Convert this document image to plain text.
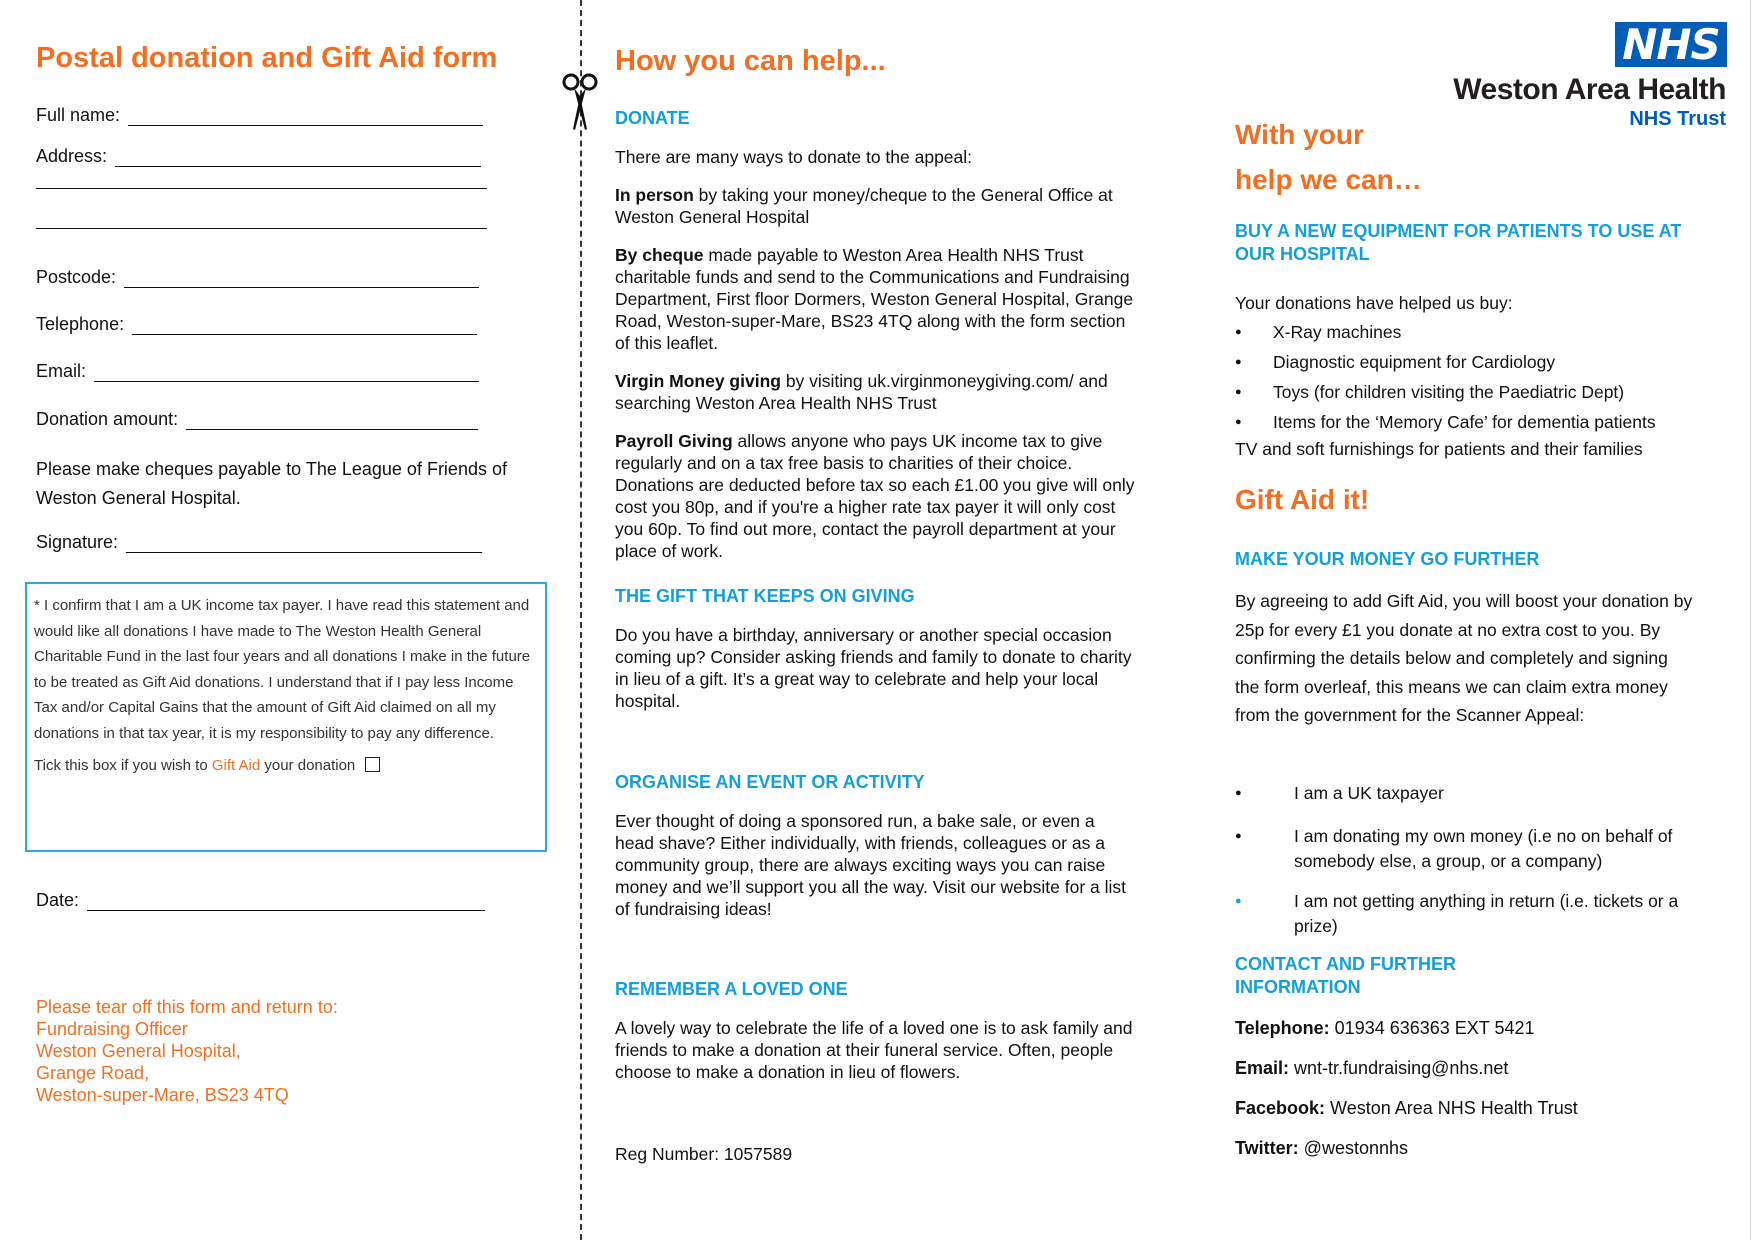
Postal donation and Gift Aid form
Full name:
Address:
Postcode:
Telephone:
Email:
Donation amount:
Please make cheques payable to The League of Friends of Weston General Hospital.
Signature:

* I confirm that I am a UK income tax payer. I have read this statement and would like all donations I have made to The Weston Health General Charitable Fund in the last four years and all donations I make in the future to be treated as Gift Aid donations. I understand that if I pay less Income Tax and/or Capital Gains that the amount of Gift Aid claimed on all my donations in that tax year, it is my responsibility to pay any difference.

Tick this box if you wish to Gift Aid your donation

Date:
Please tear off this form and return to:
Fundraising Officer
Weston General Hospital,
Grange Road,
Weston-super-Mare, BS23 4TQ
How you can help...
DONATE
There are many ways to donate to the appeal:
In person by taking your money/cheque to the General Office at Weston General Hospital
By cheque made payable to Weston Area Health NHS Trust charitable funds and send to the Communications and Fundraising Department, First floor Dormers, Weston General Hospital, Grange Road, Weston-super-Mare, BS23 4TQ along with the form section of this leaflet.
Virgin Money giving by visiting uk.virginmoneygiving.com/ and searching Weston Area Health NHS Trust
Payroll Giving allows anyone who pays UK income tax to give regularly and on a tax free basis to charities of their choice. Donations are deducted before tax so each £1.00 you give will only cost you 80p, and if you're a higher rate tax payer it will only cost you 60p. To find out more, contact the payroll department at your place of work.
THE GIFT THAT KEEPS ON GIVING
Do you have a birthday, anniversary or another special occasion coming up? Consider asking friends and family to donate to charity in lieu of a gift. It’s a great way to celebrate and help your local hospital.
ORGANISE AN EVENT OR ACTIVITY
Ever thought of doing a sponsored run, a bake sale, or even a head shave? Either individually, with friends, colleagues or as a community group, there are always exciting ways you can raise money and we’ll support you all the way. Visit our website for a list of fundraising ideas!
REMEMBER A LOVED ONE
A lovely way to celebrate the life of a loved one is to ask family and friends to make a donation at their funeral service. Often, people choose to make a donation in lieu of flowers.
Reg Number: 1057589
NHS
Weston Area Health
NHS Trust
With your
help we can…
BUY A NEW EQUIPMENT FOR PATIENTS TO USE AT OUR HOSPITAL
Your donations have helped us buy:
● X-Ray machines
● Diagnostic equipment for Cardiology
● Toys (for children visiting the Paediatric Dept)
● Items for the ‘Memory Cafe’ for dementia patients
TV and soft furnishings for patients and their families
Gift Aid it!
MAKE YOUR MONEY GO FURTHER
By agreeing to add Gift Aid, you will boost your donation by 25p for every £1 you donate at no extra cost to you. By confirming the details below and completely and signing the form overleaf, this means we can claim extra money from the government for the Scanner Appeal:
● I am a UK taxpayer
● I am donating my own money (i.e no on behalf of somebody else, a group, or a company)
● I am not getting anything in return (i.e. tickets or a prize)
CONTACT AND FURTHER
INFORMATION
Telephone: 01934 636363 EXT 5421
Email: wnt-tr.fundraising@nhs.net
Facebook: Weston Area NHS Health Trust
Twitter: @westonnhs
